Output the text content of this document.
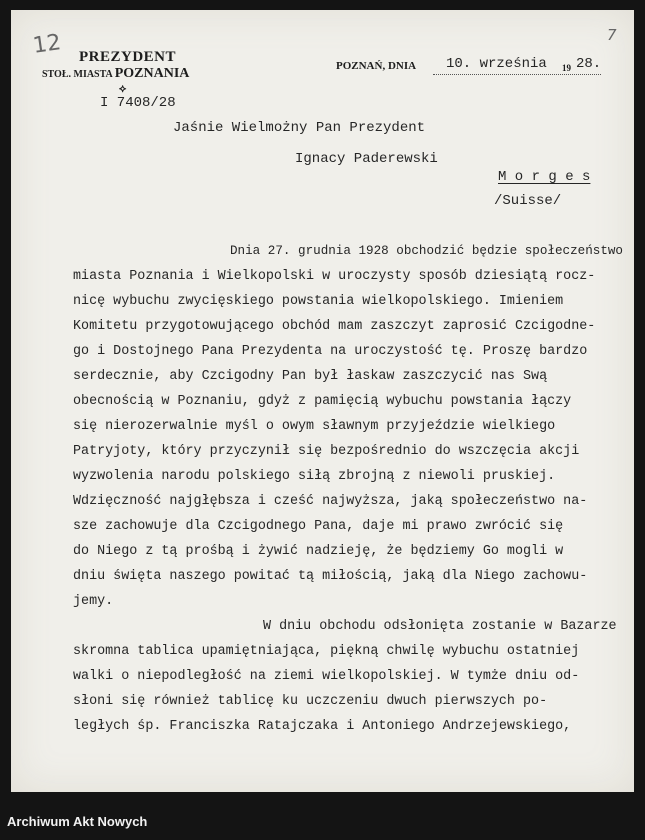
12	7
PREZYDENT
STOŁ. MIASTA POZNANIA
⟡
I 7408/28
POZNAŃ, DNIA 10. września 19 28.
Jaśnie Wielmożny Pan Prezydent
Ignacy Paderewski
M o r g e s
/Suisse/
Dnia 27. grudnia 1928 obchodzić będzie społeczeństwo
miasta Poznania i Wielkopolski w uroczysty sposób dziesiątą rocz-
nicę wybuchu zwycięskiego powstania wielkopolskiego. Imieniem
Komitetu przygotowującego obchód mam zaszczyt zaprosić Czcigodne-
go i Dostojnego Pana Prezydenta na uroczystość tę. Proszę bardzo
serdecznie, aby Czcigodny Pan był łaskaw zaszczycić nas Swą
obecnością w Poznaniu, gdyż z pamięcią wybuchu powstania łączy
się nierozerwalnie myśl o owym sławnym przyjeździe wielkiego
Patryjoty, który przyczynił się bezpośrednio do wszczęcia akcji
wyzwolenia narodu polskiego siłą zbrojną z niewoli pruskiej.
Wdzięczność najgłębsza i cześć najwyższa, jaką społeczeństwo na-
sze zachowuje dla Czcigodnego Pana, daje mi prawo zwrócić się
do Niego z tą prośbą i żywić nadzieję, że będziemy Go mogli w
dniu święta naszego powitać tą miłością, jaką dla Niego zachowu-
jemy.
W dniu obchodu odsłonięta zostanie w Bazarze
skromna tablica upamiętniająca, piękną chwilę wybuchu ostatniej
walki o niepodległość na ziemi wielkopolskiej. W tymże dniu od-
słoni się również tablicę ku uczczeniu dwuch pierwszych po-
ległych śp. Franciszka Ratajczaka i Antoniego Andrzejewskiego,
Archiwum Akt Nowych
